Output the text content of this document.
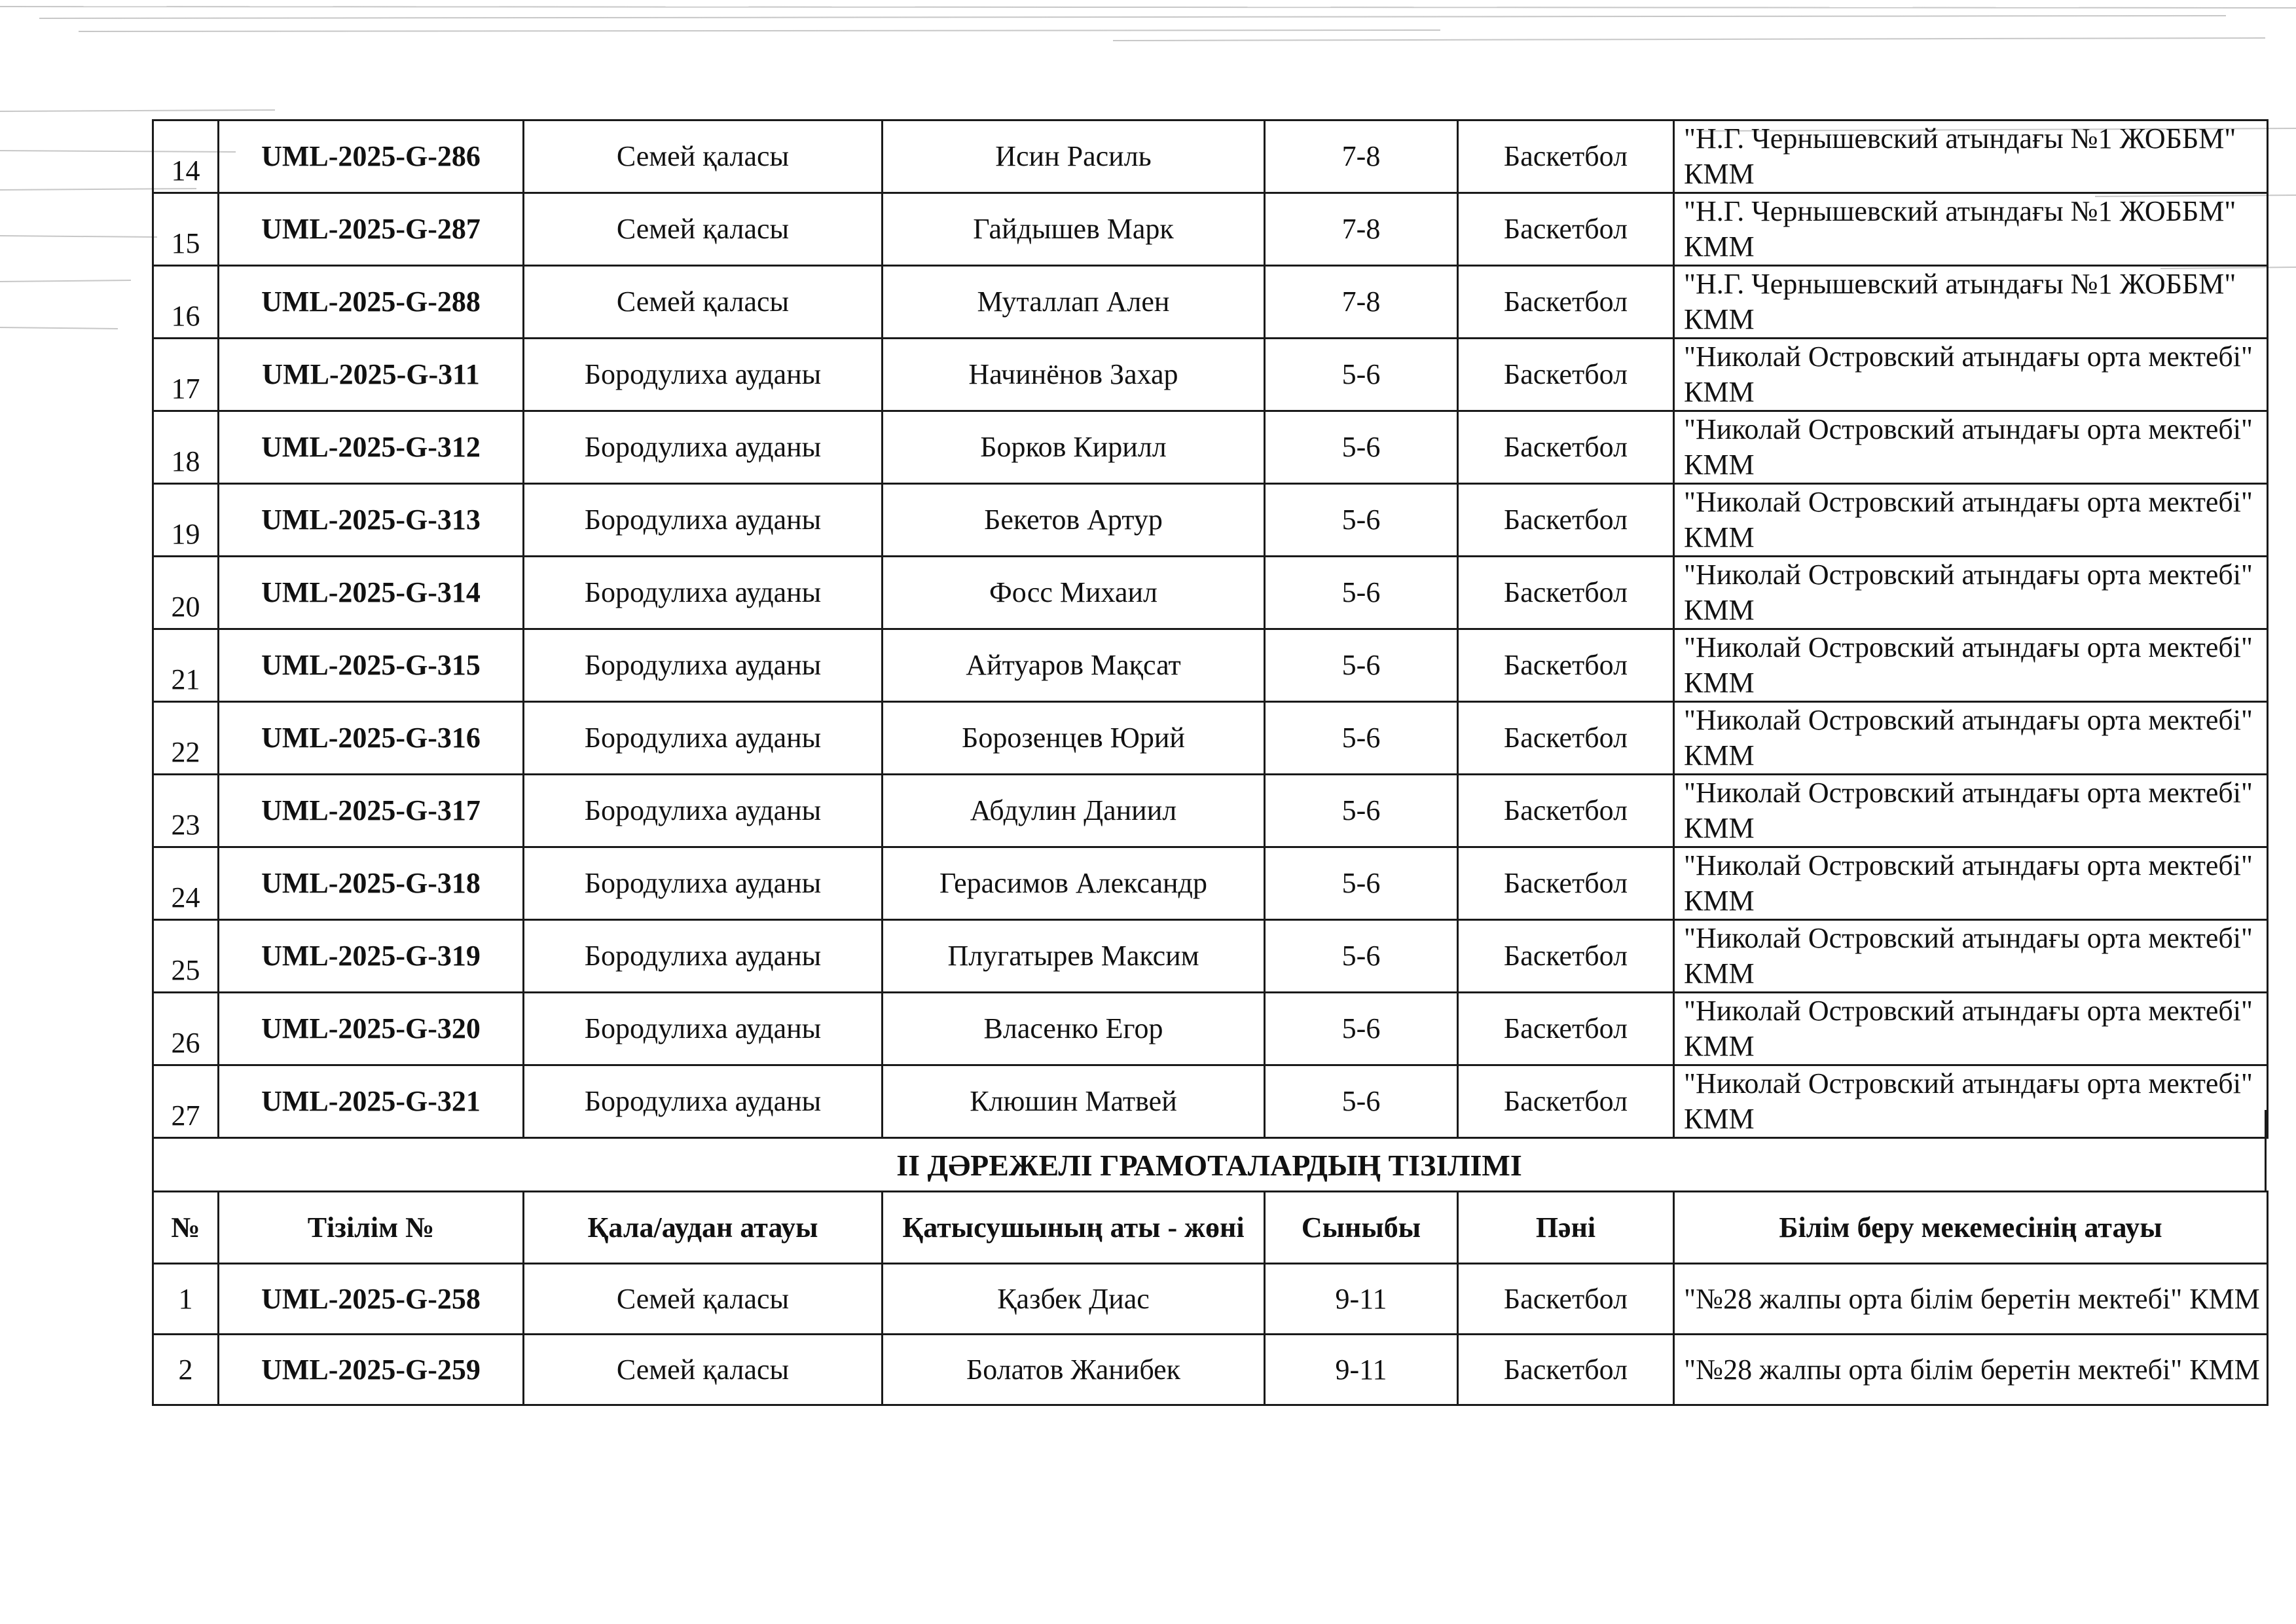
14	UML-2025-G-286	Семей қаласы	Исин Расиль	7-8	Баскетбол	"Н.Г. Чернышевский атындағы №1 ЖОББМ" КММ
15	UML-2025-G-287	Семей қаласы	Гайдышев Марк	7-8	Баскетбол	"Н.Г. Чернышевский атындағы №1 ЖОББМ" КММ
16	UML-2025-G-288	Семей қаласы	Муталлап Ален	7-8	Баскетбол	"Н.Г. Чернышевский атындағы №1 ЖОББМ" КММ
17	UML-2025-G-311	Бородулиха ауданы	Начинёнов Захар	5-6	Баскетбол	"Николай Островский атындағы орта мектебі" КММ
18	UML-2025-G-312	Бородулиха ауданы	Борков Кирилл	5-6	Баскетбол	"Николай Островский атындағы орта мектебі" КММ
19	UML-2025-G-313	Бородулиха ауданы	Бекетов Артур	5-6	Баскетбол	"Николай Островский атындағы орта мектебі" КММ
20	UML-2025-G-314	Бородулиха ауданы	Фосс Михаил	5-6	Баскетбол	"Николай Островский атындағы орта мектебі" КММ
21	UML-2025-G-315	Бородулиха ауданы	Айтуаров Мақсат	5-6	Баскетбол	"Николай Островский атындағы орта мектебі" КММ
22	UML-2025-G-316	Бородулиха ауданы	Борозенцев Юрий	5-6	Баскетбол	"Николай Островский атындағы орта мектебі" КММ
23	UML-2025-G-317	Бородулиха ауданы	Абдулин Даниил	5-6	Баскетбол	"Николай Островский атындағы орта мектебі" КММ
24	UML-2025-G-318	Бородулиха ауданы	Герасимов Александр	5-6	Баскетбол	"Николай Островский атындағы орта мектебі" КММ
25	UML-2025-G-319	Бородулиха ауданы	Плугатырев Максим	5-6	Баскетбол	"Николай Островский атындағы орта мектебі" КММ
26	UML-2025-G-320	Бородулиха ауданы	Власенко Егор	5-6	Баскетбол	"Николай Островский атындағы орта мектебі" КММ
27	UML-2025-G-321	Бородулиха ауданы	Клюшин Матвей	5-6	Баскетбол	"Николай Островский атындағы орта мектебі" КММ
II ДӘРЕЖЕЛІ ГРАМОТАЛАРДЫҢ ТІЗІЛІМІ
№	Тізілім №	Қала/аудан атауы	Қатысушының аты - жөні	Сыныбы	Пәні	Білім беру мекемесінің атауы
1	UML-2025-G-258	Семей қаласы	Қазбек Диас	9-11	Баскетбол	"№28 жалпы орта білім беретін мектебі" КММ
2	UML-2025-G-259	Семей қаласы	Болатов Жанибек	9-11	Баскетбол	"№28 жалпы орта білім беретін мектебі" КММ
